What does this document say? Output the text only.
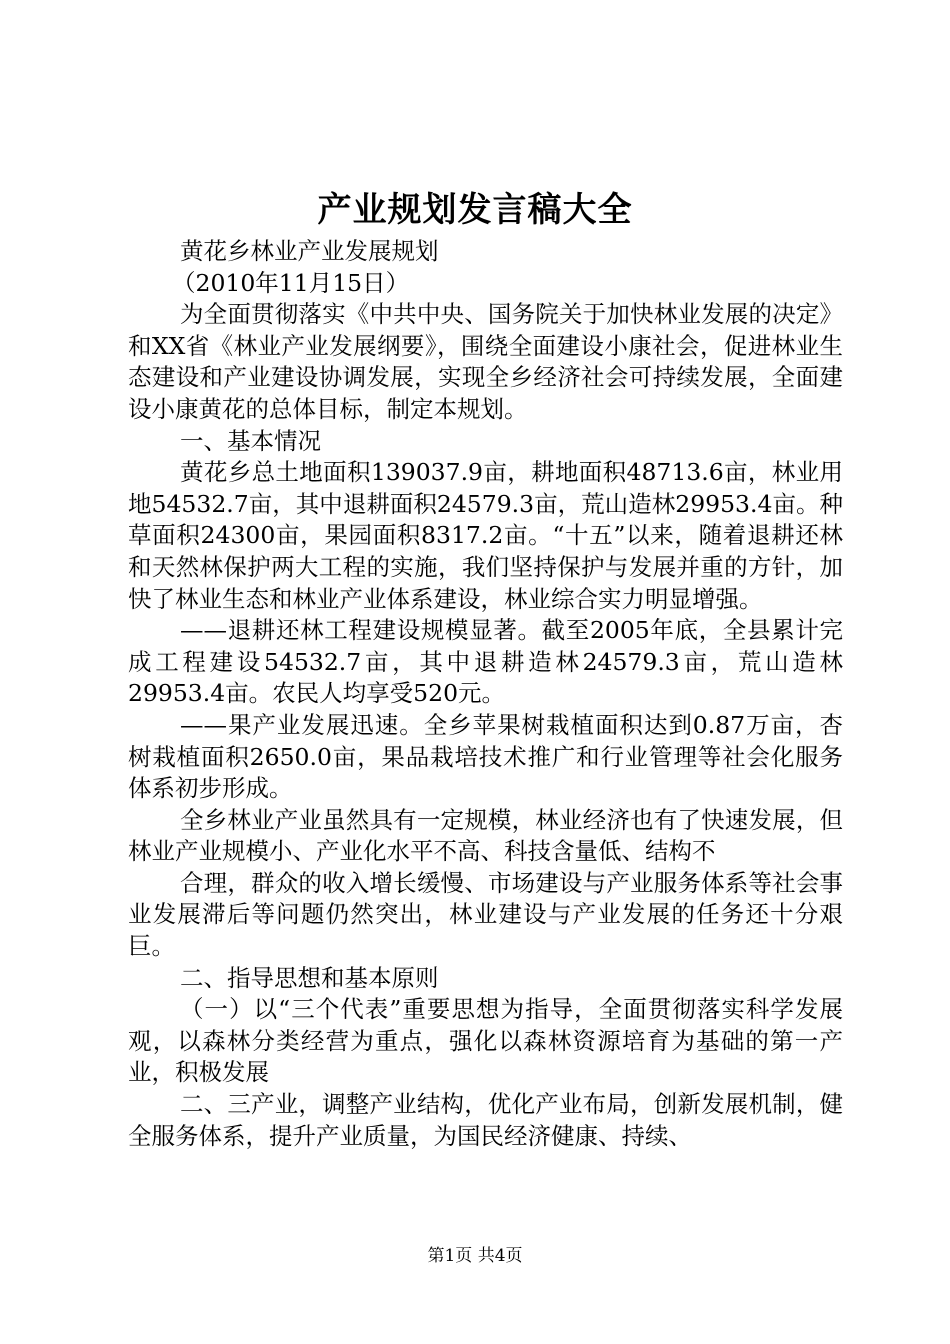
产业规划发言稿大全

黄花乡林业产业发展规划

（2010年11月15日）

为全面贯彻落实《中共中央、国务院关于加快林业发展的决定》和XX省《林业产业发展纲要》，围绕全面建设小康社会，促进林业生态建设和产业建设协调发展，实现全乡经济社会可持续发展，全面建设小康黄花的总体目标，制定本规划。

一、基本情况

黄花乡总土地面积139037.9亩，耕地面积48713.6亩，林业用地54532.7亩，其中退耕面积24579.3亩，荒山造林29953.4亩。种草面积24300亩，果园面积8317.2亩。“十五”以来，随着退耕还林和天然林保护两大工程的实施，我们坚持保护与发展并重的方针，加快了林业生态和林业产业体系建设，林业综合实力明显增强。

——退耕还林工程建设规模显著。截至2005年底，全县累计完成工程建设54532.7亩，其中退耕造林24579.3亩，荒山造林29953.4亩。农民人均享受520元。

——果产业发展迅速。全乡苹果树栽植面积达到0.87万亩，杏树栽植面积2650.0亩，果品栽培技术推广和行业管理等社会化服务体系初步形成。

全乡林业产业虽然具有一定规模，林业经济也有了快速发展，但林业产业规模小、产业化水平不高、科技含量低、结构不

合理，群众的收入增长缓慢、市场建设与产业服务体系等社会事业发展滞后等问题仍然突出，林业建设与产业发展的任务还十分艰巨。

二、指导思想和基本原则

（一）以“三个代表”重要思想为指导，全面贯彻落实科学发展观，以森林分类经营为重点，强化以森林资源培育为基础的第一产业，积极发展

二、三产业，调整产业结构，优化产业布局，创新发展机制，健全服务体系，提升产业质量，为国民经济健康、持续、

第1页 共4页
